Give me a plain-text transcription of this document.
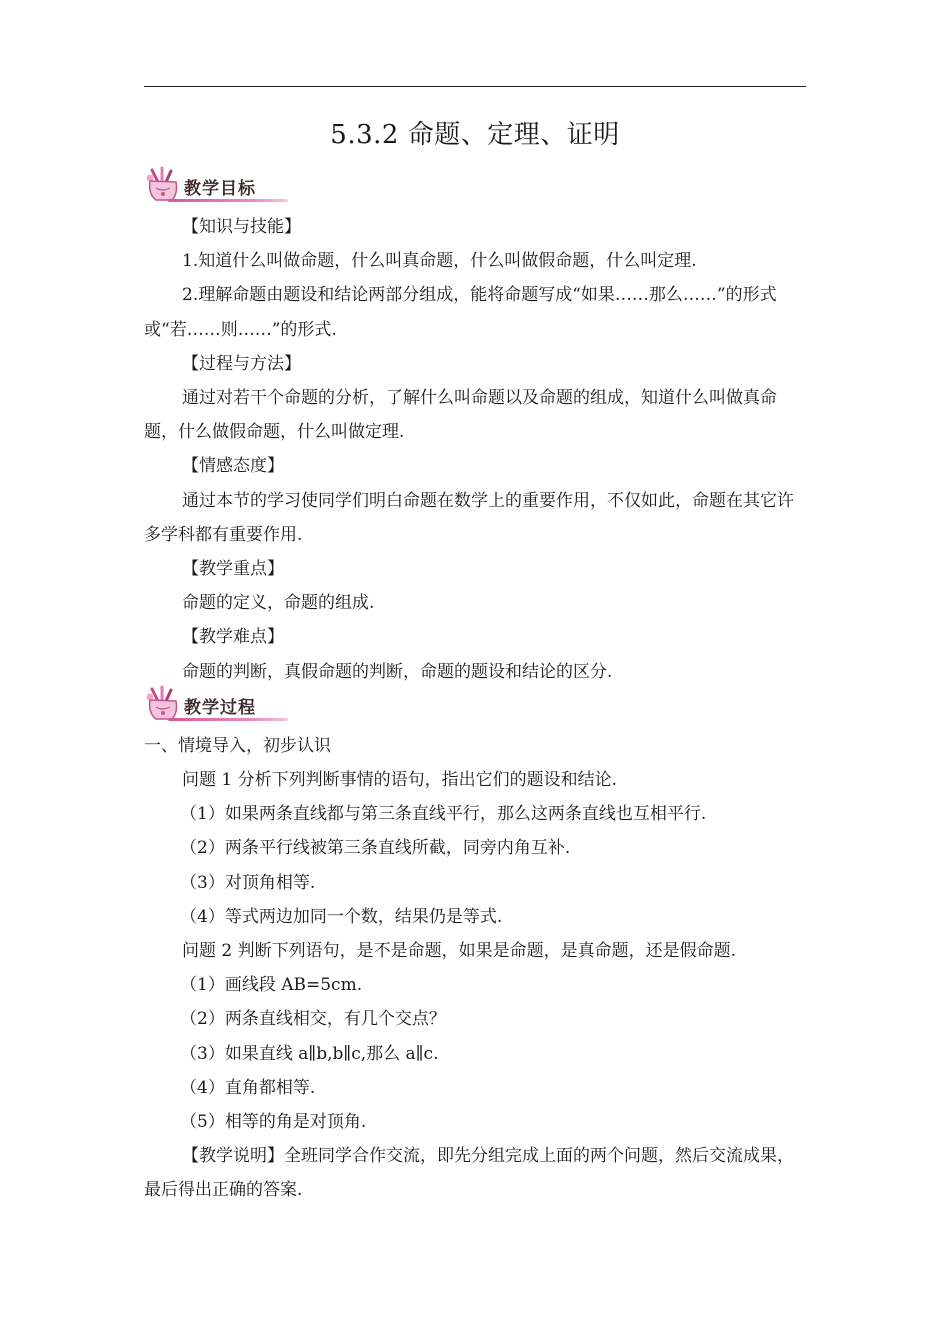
5.3.2 命题、定理、证明
教学目标

【知识与技能】

1.知道什么叫做命题，什么叫真命题，什么叫做假命题，什么叫定理.

2.理解命题由题设和结论两部分组成，能将命题写成“如果……那么……”的形式或“若……则……”的形式.

【过程与方法】

通过对若干个命题的分析，了解什么叫命题以及命题的组成，知道什么叫做真命题，什么做假命题，什么叫做定理.

【情感态度】

通过本节的学习使同学们明白命题在数学上的重要作用，不仅如此，命题在其它许多学科都有重要作用.

【教学重点】

命题的定义，命题的组成.

【教学难点】

命题的判断，真假命题的判断，命题的题设和结论的区分.

一、情境导入，初步认识

问题 1 分析下列判断事情的语句，指出它们的题设和结论.

（1）如果两条直线都与第三条直线平行，那么这两条直线也互相平行.

（2）两条平行线被第三条直线所截，同旁内角互补.

（3）对顶角相等.

（4）等式两边加同一个数，结果仍是等式.

问题 2 判断下列语句，是不是命题，如果是命题，是真命题，还是假命题.

（1）画线段 AB=5cm.

（2）两条直线相交，有几个交点？

（3）如果直线 a∥b,b∥c,那么 a∥c.

（4）直角都相等.

（5）相等的角是对顶角.

【教学说明】全班同学合作交流，即先分组完成上面的两个问题，然后交流成果，最后得出正确的答案.

教学过程
